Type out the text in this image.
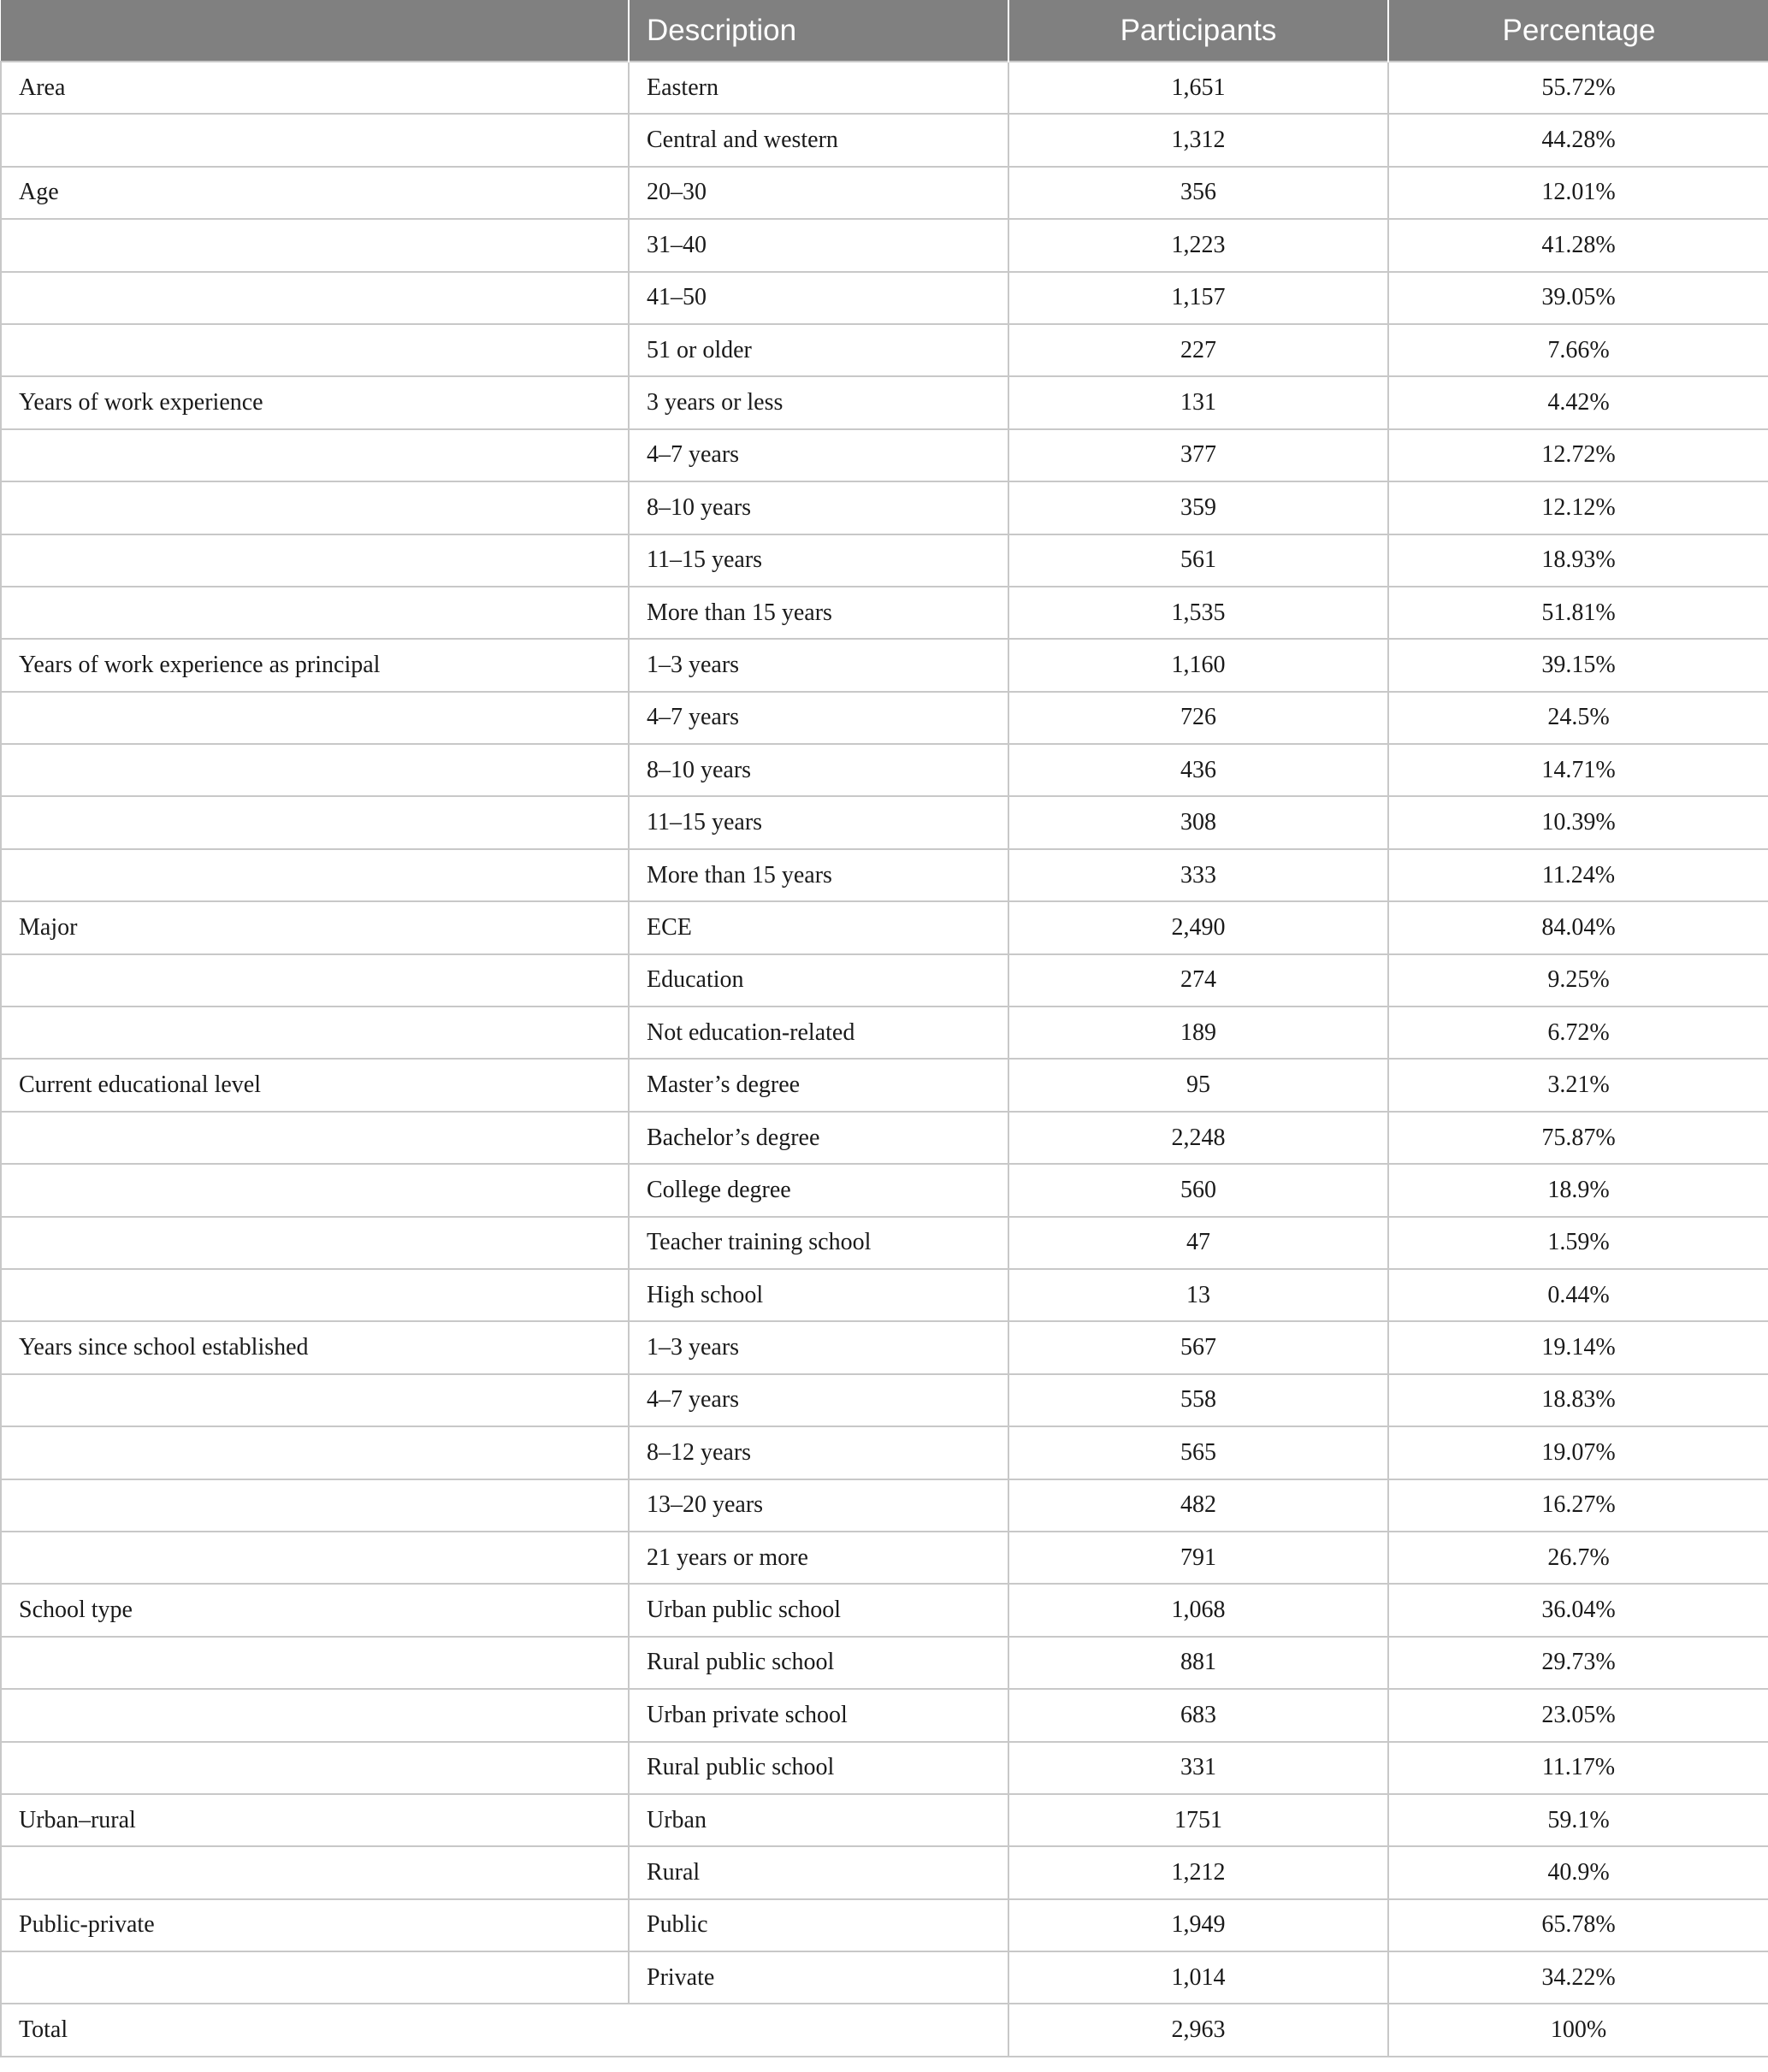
	Description	Participants	Percentage
Area	Eastern	1,651	55.72%
	Central and western	1,312	44.28%
Age	20–30	356	12.01%
	31–40	1,223	41.28%
	41–50	1,157	39.05%
	51 or older	227	7.66%
Years of work experience	3 years or less	131	4.42%
	4–7 years	377	12.72%
	8–10 years	359	12.12%
	11–15 years	561	18.93%
	More than 15 years	1,535	51.81%
Years of work experience as principal	1–3 years	1,160	39.15%
	4–7 years	726	24.5%
	8–10 years	436	14.71%
	11–15 years	308	10.39%
	More than 15 years	333	11.24%
Major	ECE	2,490	84.04%
	Education	274	9.25%
	Not education-related	189	6.72%
Current educational level	Master’s degree	95	3.21%
	Bachelor’s degree	2,248	75.87%
	College degree	560	18.9%
	Teacher training school	47	1.59%
	High school	13	0.44%
Years since school established	1–3 years	567	19.14%
	4–7 years	558	18.83%
	8–12 years	565	19.07%
	13–20 years	482	16.27%
	21 years or more	791	26.7%
School type	Urban public school	1,068	36.04%
	Rural public school	881	29.73%
	Urban private school	683	23.05%
	Rural public school	331	11.17%
Urban–rural	Urban	1751	59.1%
	Rural	1,212	40.9%
Public-private	Public	1,949	65.78%
	Private	1,014	34.22%
Total		2,963	100%
